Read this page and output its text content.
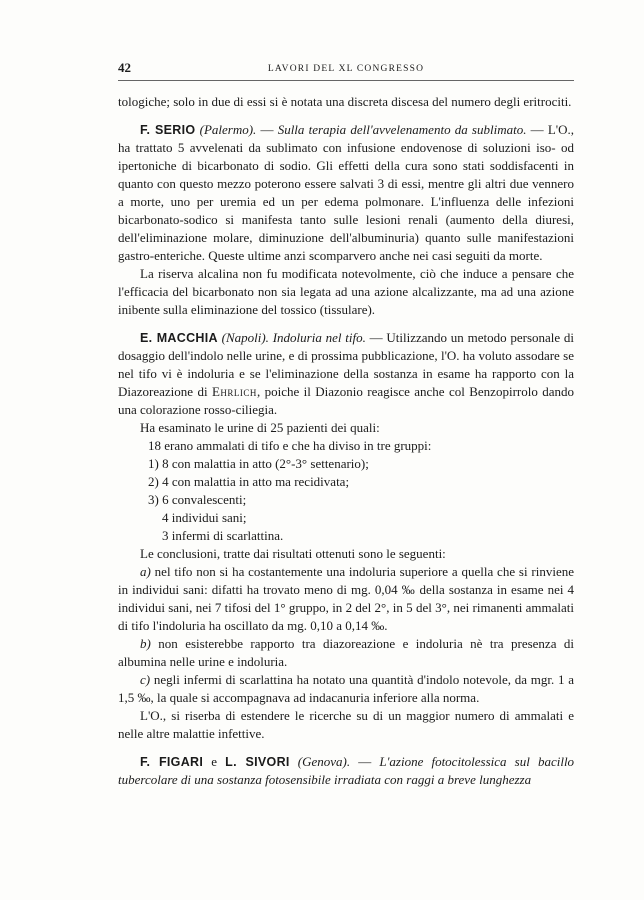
42	LAVORI DEL XL CONGRESSO

tologiche; solo in due di essi si è notata una discreta discesa del numero degli eritrociti.

F. SERIO (Palermo). — Sulla terapia dell'avvelenamento da sublimato. — L'O., ha trattato 5 avvelenati da sublimato con infusione endovenose di soluzioni iso- od ipertoniche di bicarbonato di sodio. Gli effetti della cura sono stati soddisfacenti in quanto con questo mezzo poterono essere salvati 3 di essi, mentre gli altri due vennero a morte, uno per uremia ed un per edema polmonare. L'influenza delle infezioni bicarbonato-sodico si manifesta tanto sulle lesioni renali (aumento della diuresi, dell'eliminazione molare, diminuzione dell'albuminuria) quanto sulle manifestazioni gastro-enteriche. Queste ultime anzi scomparvero anche nei casi seguiti da morte.

La riserva alcalina non fu modificata notevolmente, ciò che induce a pensare che l'efficacia del bicarbonato non sia legata ad una azione alcalizzante, ma ad una azione inibente sulla eliminazione del tossico (tissulare).

E. MACCHIA (Napoli). Indoluria nel tifo. — Utilizzando un metodo personale di dosaggio dell'indolo nelle urine, e di prossima pubblicazione, l'O. ha voluto assodare se nel tifo vi è indoluria e se l'eliminazione della sostanza in esame ha rapporto con la Diazoreazione di Ehrlich, poiche il Diazonio reagisce anche col Benzopirrolo dando una colorazione rosso-ciliegia.

Ha esaminato le urine di 25 pazienti dei quali:

18 erano ammalati di tifo e che ha diviso in tre gruppi:

1) 8 con malattia in atto (2°-3° settenario);

2) 4 con malattia in atto ma recidivata;

3) 6 convalescenti;

4 individui sani;

3 infermi di scarlattina.

Le conclusioni, tratte dai risultati ottenuti sono le seguenti:

a) nel tifo non si ha costantemente una indoluria superiore a quella che si rinviene in individui sani: difatti ha trovato meno di mg. 0,04 ‰ della sostanza in esame nei 4 individui sani, nei 7 tifosi del 1° gruppo, in 2 del 2°, in 5 del 3°, nei rimanenti ammalati di tifo l'indoluria ha oscillato da mg. 0,10 a 0,14 ‰.

b) non esisterebbe rapporto tra diazoreazione e indoluria nè tra presenza di albumina nelle urine e indoluria.

c) negli infermi di scarlattina ha notato una quantità d'indolo notevole, da mgr. 1 a 1,5 ‰, la quale si accompagnava ad indacanuria inferiore alla norma.

L'O., si riserba di estendere le ricerche su di un maggior numero di ammalati e nelle altre malattie infettive.

F. FIGARI e L. SIVORI (Genova). — L'azione fotocitolessica sul bacillo tubercolare di una sostanza fotosensibile irradiata con raggi a breve lunghezza
